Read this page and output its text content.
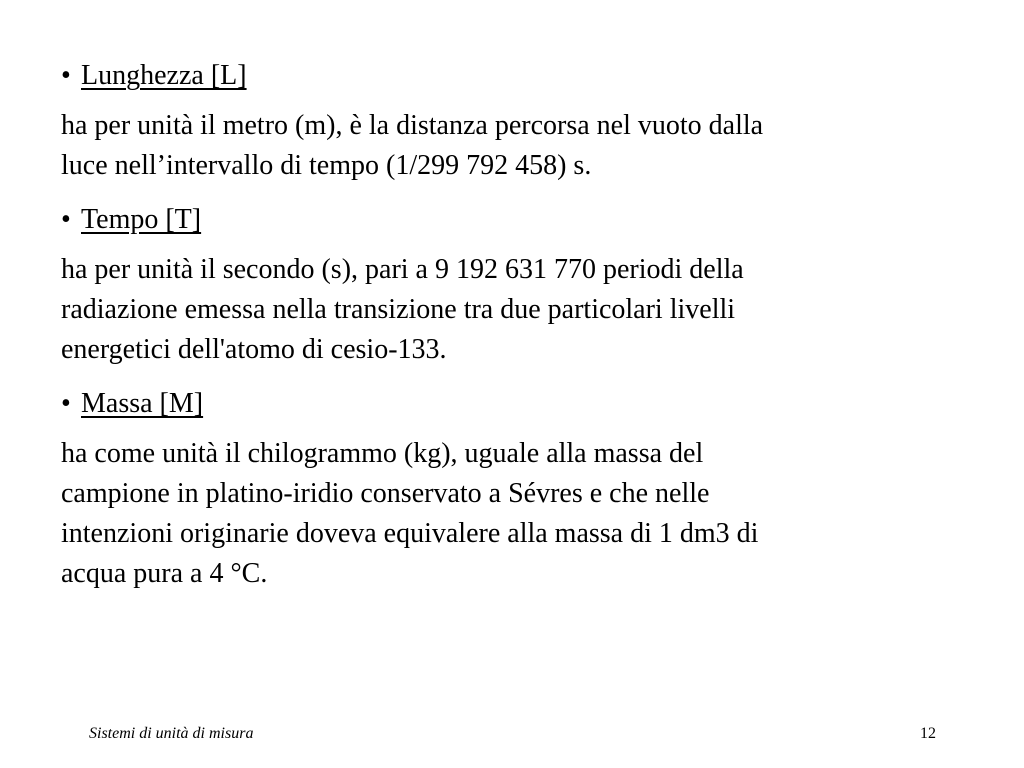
• Lunghezza [L]
ha per unità il metro (m), è la distanza percorsa nel vuoto dalla
luce nell’intervallo di tempo (1/299 792 458) s.
• Tempo [T]
ha per unità il secondo (s), pari a 9 192 631 770 periodi della
radiazione emessa nella transizione tra due particolari livelli
energetici dell'atomo di cesio-133.
• Massa [M]
ha come unità il chilogrammo (kg), uguale alla massa del
campione in platino-iridio conservato a Sévres e che nelle
intenzioni originarie doveva equivalere alla massa di 1 dm3 di
acqua pura a 4 °C.
Sistemi di unità di misura	12
